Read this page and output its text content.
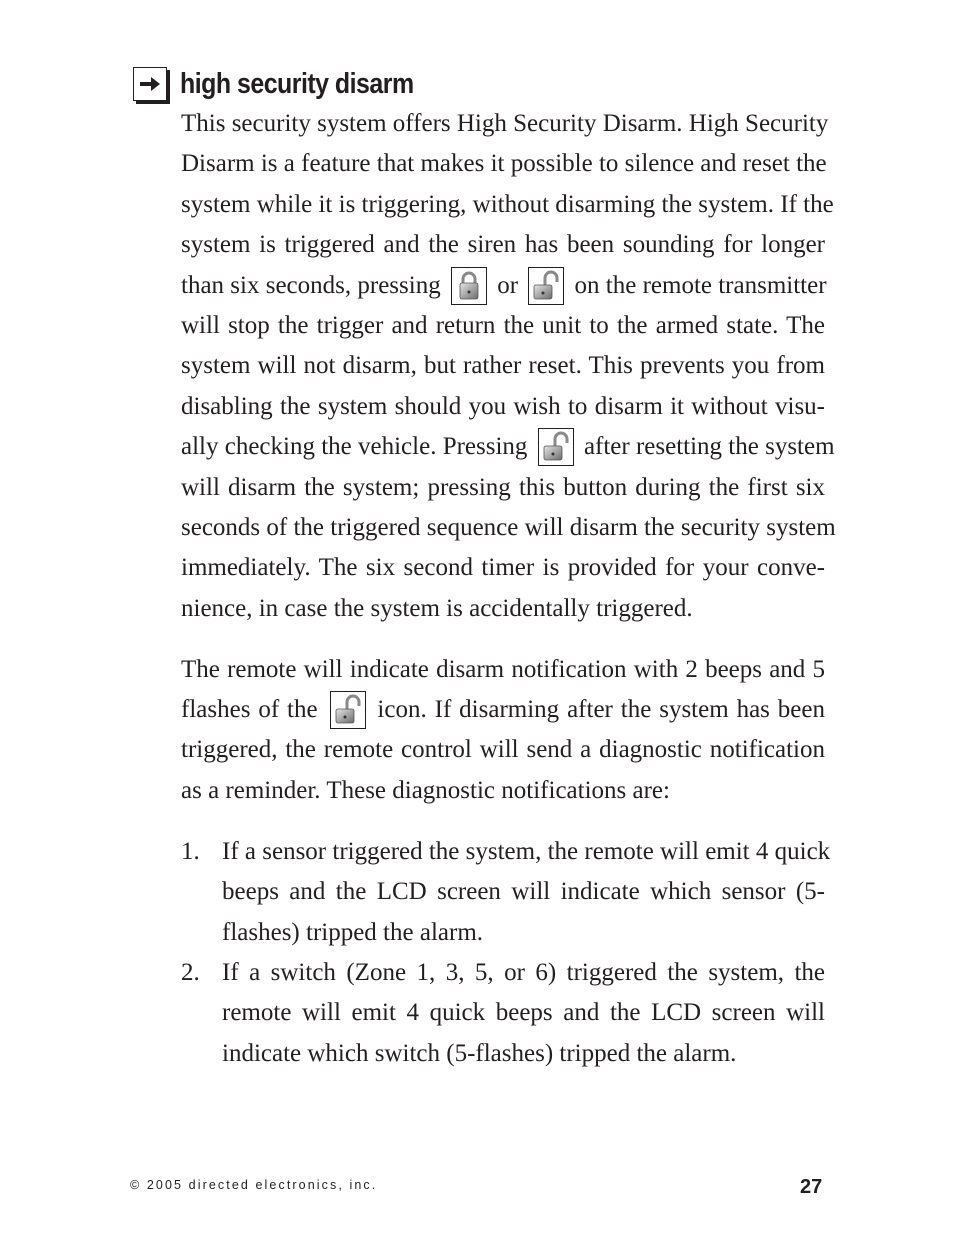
high security disarm
This security system offers High Security Disarm. High Security
Disarm is a feature that makes it possible to silence and reset the
system while it is triggering, without disarming the system. If the
system is triggered and the siren has been sounding for longer
than six seconds, pressing or on the remote transmitter
will stop the trigger and return the unit to the armed state. The
system will not disarm, but rather reset. This prevents you from
disabling the system should you wish to disarm it without visu-
ally checking the vehicle. Pressing after resetting the system
will disarm the system; pressing this button during the first six
seconds of the triggered sequence will disarm the security system
immediately. The six second timer is provided for your conve-
nience, in case the system is accidentally triggered.
The remote will indicate disarm notification with 2 beeps and 5
flashes of the icon. If disarming after the system has been
triggered, the remote control will send a diagnostic notification
as a reminder. These diagnostic notifications are:
1. If a sensor triggered the system, the remote will emit 4 quick
beeps and the LCD screen will indicate which sensor (5-
flashes) tripped the alarm.
2. If a switch (Zone 1, 3, 5, or 6) triggered the system, the
remote will emit 4 quick beeps and the LCD screen will
indicate which switch (5-flashes) tripped the alarm.
© 2005 directed electronics, inc.	27
